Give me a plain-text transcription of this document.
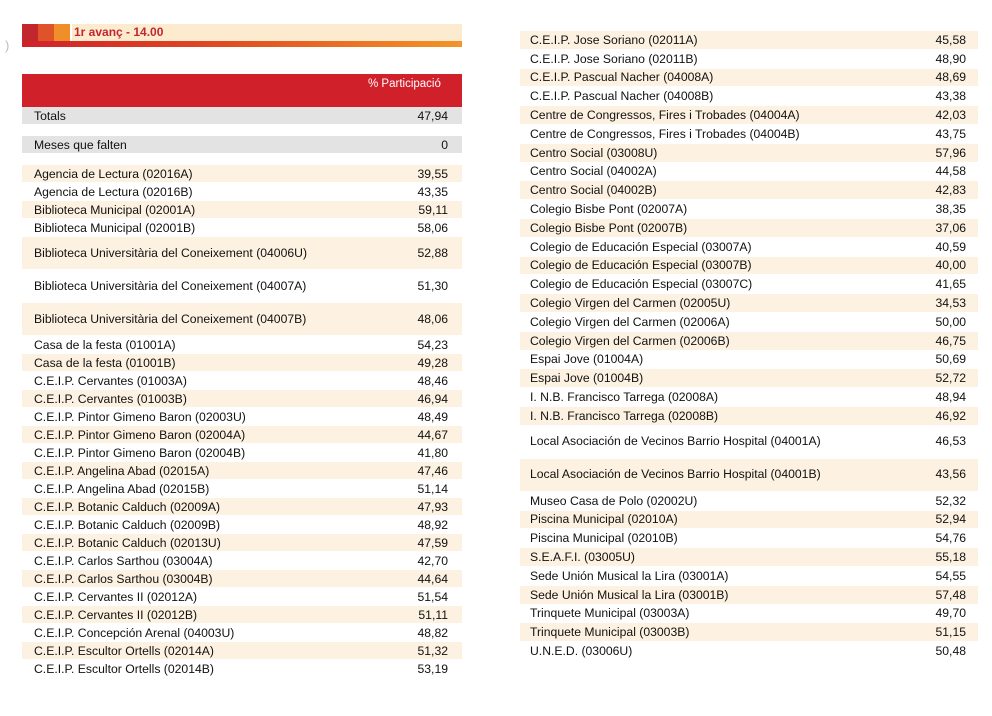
)
1r avanç - 14.00
% Participació
Totals	47,94
Meses que falten	0
Agencia de Lectura (02016A)	39,55
Agencia de Lectura (02016B)	43,35
Biblioteca Municipal (02001A)	59,11
Biblioteca Municipal (02001B)	58,06
Biblioteca Universitària del Coneixement (04006U)	52,88
Biblioteca Universitària del Coneixement (04007A)	51,30
Biblioteca Universitària del Coneixement (04007B)	48,06
Casa de la festa (01001A)	54,23
Casa de la festa (01001B)	49,28
C.E.I.P. Cervantes (01003A)	48,46
C.E.I.P. Cervantes (01003B)	46,94
C.E.I.P. Pintor Gimeno Baron (02003U)	48,49
C.E.I.P. Pintor Gimeno Baron (02004A)	44,67
C.E.I.P. Pintor Gimeno Baron (02004B)	41,80
C.E.I.P. Angelina Abad (02015A)	47,46
C.E.I.P. Angelina Abad (02015B)	51,14
C.E.I.P. Botanic Calduch (02009A)	47,93
C.E.I.P. Botanic Calduch (02009B)	48,92
C.E.I.P. Botanic Calduch (02013U)	47,59
C.E.I.P. Carlos Sarthou (03004A)	42,70
C.E.I.P. Carlos Sarthou (03004B)	44,64
C.E.I.P. Cervantes II (02012A)	51,54
C.E.I.P. Cervantes II (02012B)	51,11
C.E.I.P. Concepción Arenal (04003U)	48,82
C.E.I.P. Escultor Ortells (02014A)	51,32
C.E.I.P. Escultor Ortells (02014B)	53,19
C.E.I.P. Jose Soriano (02011A)	45,58
C.E.I.P. Jose Soriano (02011B)	48,90
C.E.I.P. Pascual Nacher (04008A)	48,69
C.E.I.P. Pascual Nacher (04008B)	43,38
Centre de Congressos, Fires i Trobades (04004A)	42,03
Centre de Congressos, Fires i Trobades (04004B)	43,75
Centro Social (03008U)	57,96
Centro Social (04002A)	44,58
Centro Social (04002B)	42,83
Colegio Bisbe Pont (02007A)	38,35
Colegio Bisbe Pont (02007B)	37,06
Colegio de Educación Especial (03007A)	40,59
Colegio de Educación Especial (03007B)	40,00
Colegio de Educación Especial (03007C)	41,65
Colegio Virgen del Carmen (02005U)	34,53
Colegio Virgen del Carmen (02006A)	50,00
Colegio Virgen del Carmen (02006B)	46,75
Espai Jove (01004A)	50,69
Espai Jove (01004B)	52,72
I. N.B. Francisco Tarrega (02008A)	48,94
I. N.B. Francisco Tarrega (02008B)	46,92
Local Asociación de Vecinos Barrio Hospital (04001A)	46,53
Local Asociación de Vecinos Barrio Hospital (04001B)	43,56
Museo Casa de Polo (02002U)	52,32
Piscina Municipal (02010A)	52,94
Piscina Municipal (02010B)	54,76
S.E.A.F.I. (03005U)	55,18
Sede Unión Musical la Lira (03001A)	54,55
Sede Unión Musical la Lira (03001B)	57,48
Trinquete Municipal (03003A)	49,70
Trinquete Municipal (03003B)	51,15
U.N.E.D. (03006U)	50,48
